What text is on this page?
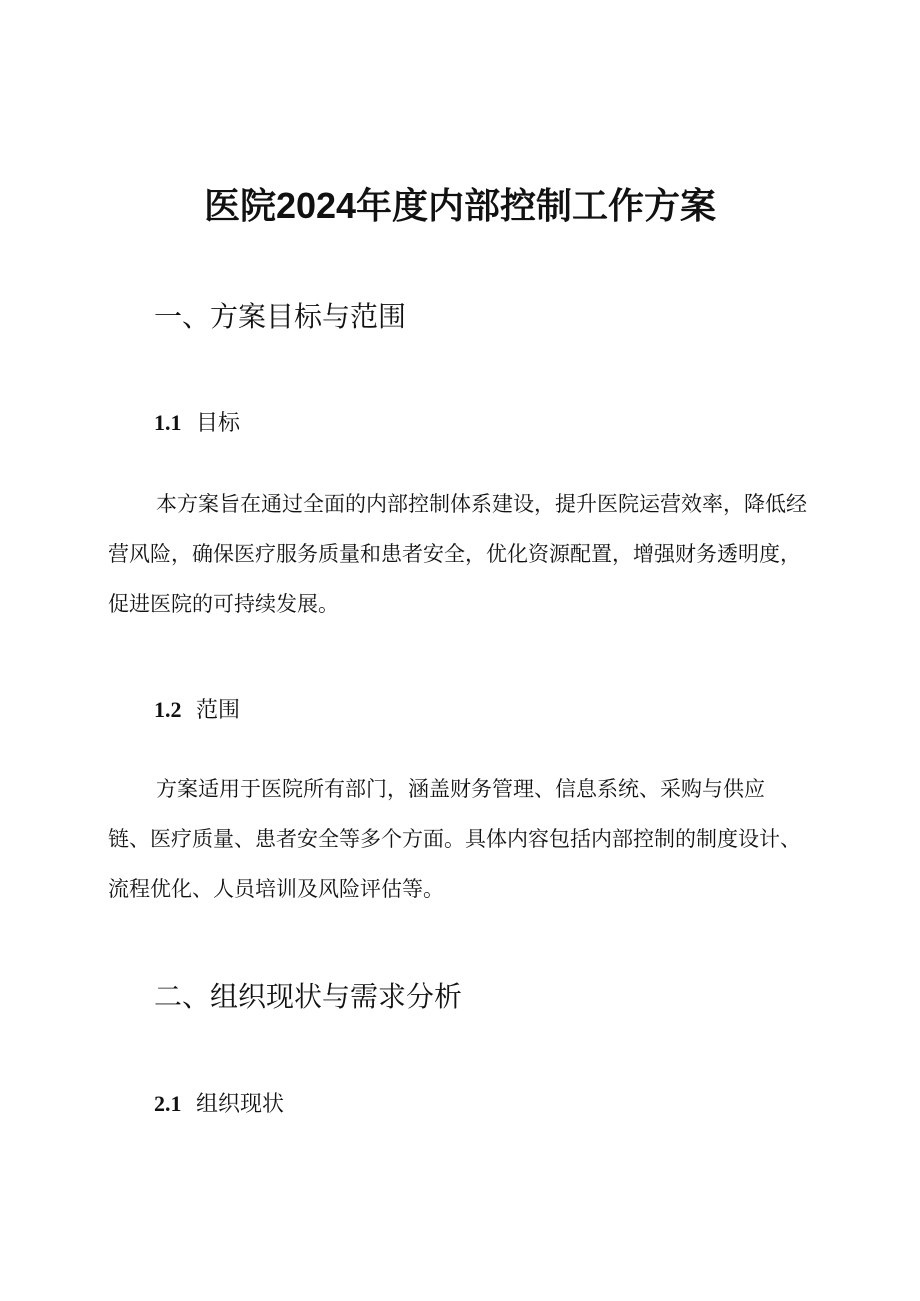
医院2024年度内部控制工作方案
一、方案目标与范围
1.1 目标

本方案旨在通过全面的内部控制体系建设，提升医院运营效率，降低经
营风险，确保医疗服务质量和患者安全，优化资源配置，增强财务透明度，
促进医院的可持续发展。

1.2 范围

方案适用于医院所有部门，涵盖财务管理、信息系统、采购与供应
链、医疗质量、患者安全等多个方面。具体内容包括内部控制的制度设计、
流程优化、人员培训及风险评估等。

二、组织现状与需求分析
2.1 组织现状
